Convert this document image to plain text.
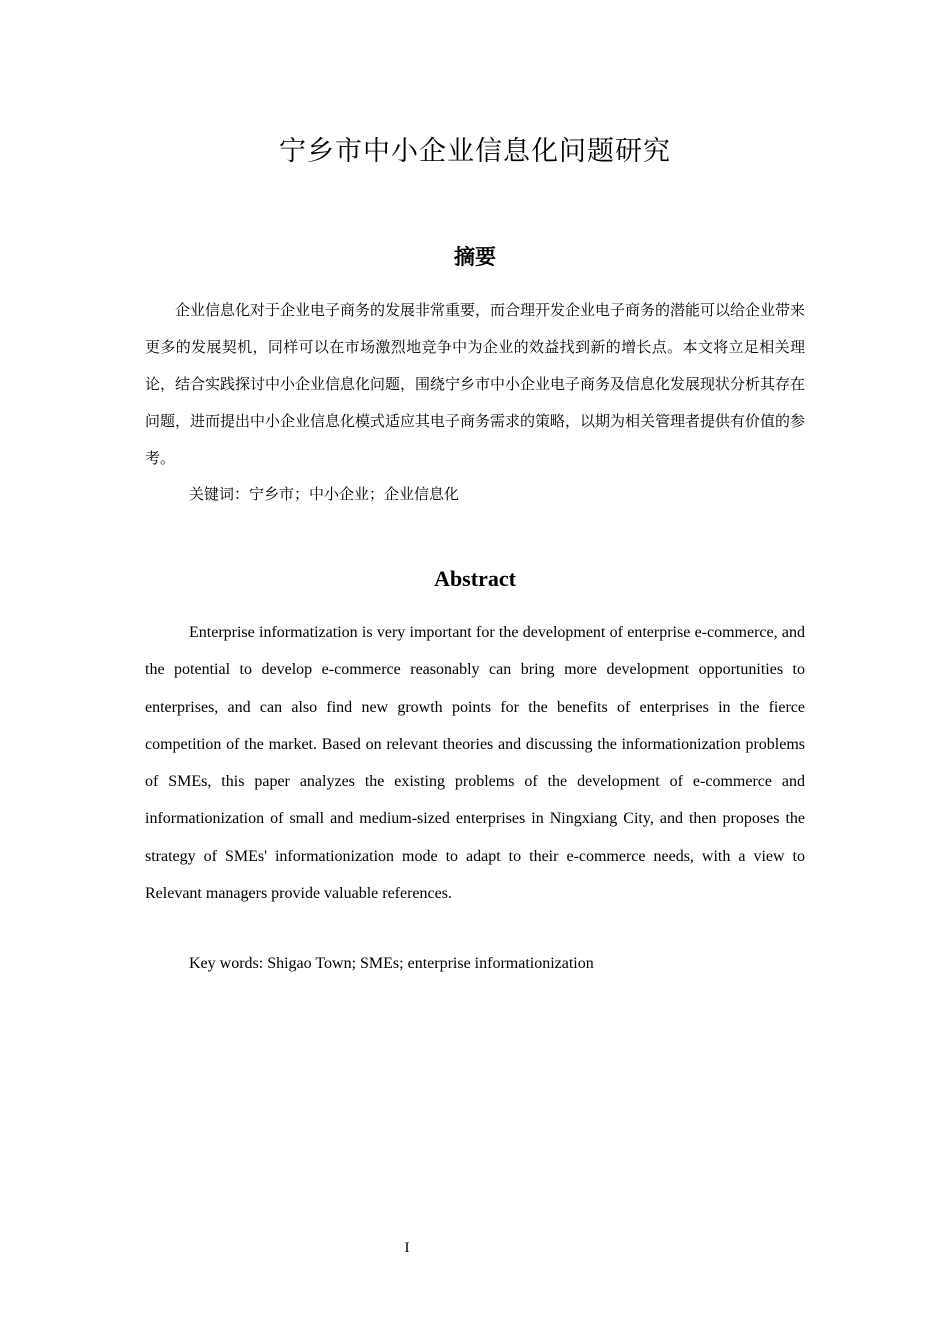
宁乡市中小企业信息化问题研究
摘要

企业信息化对于企业电子商务的发展非常重要，而合理开发企业电子商务的潜能可以给企业带来更多的发展契机，同样可以在市场激烈地竞争中为企业的效益找到新的增长点。本文将立足相关理论，结合实践探讨中小企业信息化问题，围绕宁乡市中小企业电子商务及信息化发展现状分析其存在问题，进而提出中小企业信息化模式适应其电子商务需求的策略，以期为相关管理者提供有价值的参考。

关键词：宁乡市；中小企业；企业信息化

Abstract

Enterprise informatization is very important for the development of enterprise e-commerce, and the potential to develop e-commerce reasonably can bring more development opportunities to enterprises, and can also find new growth points for the benefits of enterprises in the fierce competition of the market. Based on relevant theories and discussing the informationization problems of SMEs, this paper analyzes the existing problems of the development of e-commerce and informationization of small and medium-sized enterprises in Ningxiang City, and then proposes the strategy of SMEs' informationization mode to adapt to their e-commerce needs, with a view to Relevant managers provide valuable references.

Key words: Shigao Town; SMEs; enterprise informationization

I
